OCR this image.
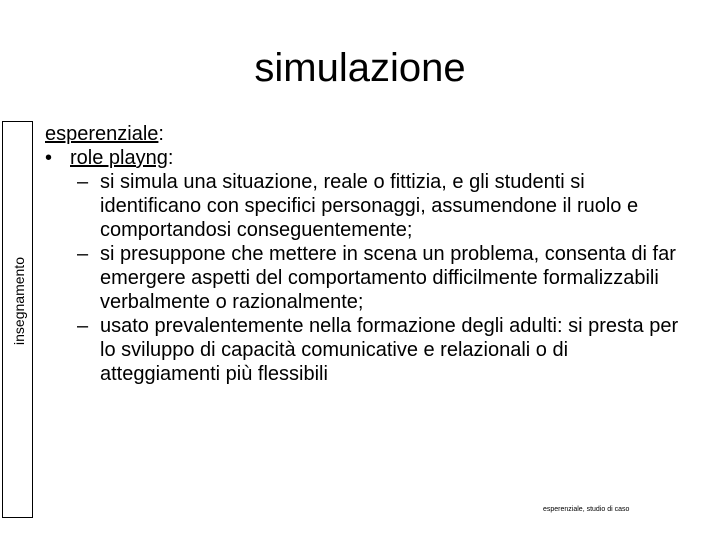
simulazione
insegnamento

esperenziale:

• role playng:

– si simula una situazione, reale o fittizia, e gli studenti si identificano con specifici personaggi, assumendone il ruolo e comportandosi conseguentemente;

– si presuppone che mettere in scena un problema, consenta di far emergere aspetti del comportamento difficilmente formalizzabili verbalmente o razionalmente;

– usato prevalentemente nella formazione degli adulti: si presta per lo sviluppo di capacità comunicative e relazionali o di atteggiamenti più flessibili

esperenziale, studio di caso
